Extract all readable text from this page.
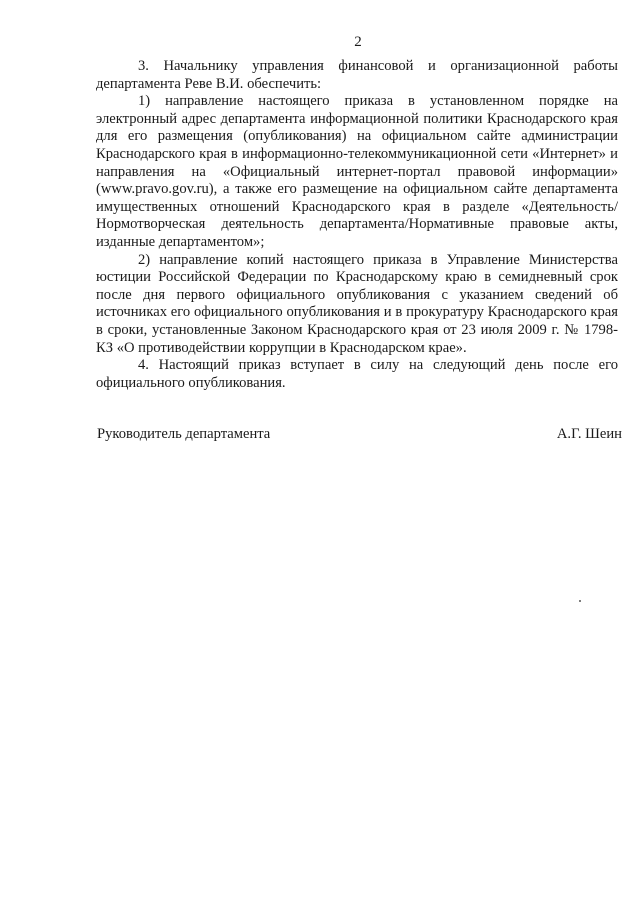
2

3. Начальнику управления финансовой и организационной работы департамента Реве В.И. обеспечить:

1) направление настоящего приказа в установленном порядке на электронный адрес департамента информационной политики Краснодарского края для его размещения (опубликования) на официальном сайте администрации Краснодарского края в информационно-телекоммуникационной сети «Интернет» и направления на «Официальный интернет-портал правовой информации» (www.pravo.gov.ru), а также его размещение на официальном сайте департамента имущественных отношений Краснодарского края в разделе «Деятельность/Нормотворческая деятельность департамента/Нормативные правовые акты, изданные департаментом»;

2) направление копий настоящего приказа в Управление Министерства юстиции Российской Федерации по Краснодарскому краю в семидневный срок после дня первого официального опубликования с указанием сведений об источниках его официального опубликования и в прокуратуру Краснодарского края в сроки, установленные Законом Краснодарского края от 23 июля 2009 г. № 1798-КЗ «О противодействии коррупции в Краснодарском крае».

4. Настоящий приказ вступает в силу на следующий день после его официального опубликования.

Руководитель департамента	А.Г. Шеин
